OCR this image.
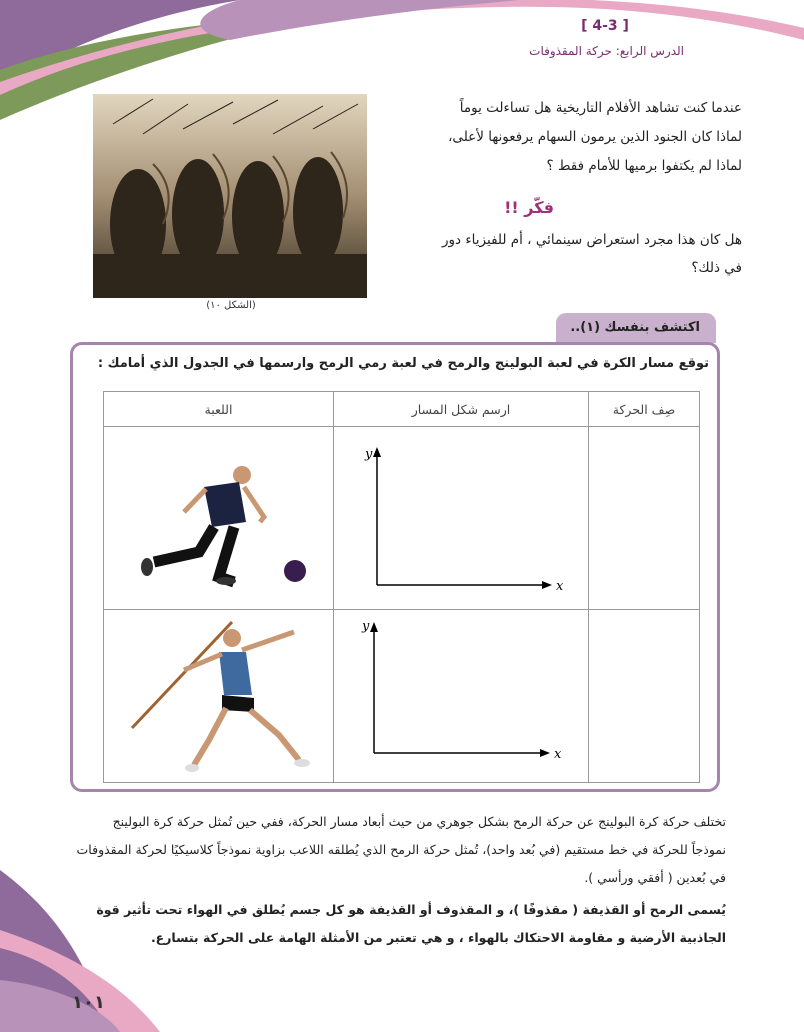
[ 4-3 ]
الدرس الرابع: حركة المقذوفات
(الشكل ١٠)
عندما كنت تشاهد الأفلام التاريخية هل تساءلت يوماً لماذا كان الجنود الذين يرمون السهام يرفعونها لأعلى، لماذا لم يكتفوا برميها للأمام فقط ؟
فكّر !!
هل كان هذا مجرد استعراض سينمائي ، أم للفيزياء دور في ذلك؟
اكتشف بنفسك (١)..
توقع مسار الكرة في لعبة البولينج والرمح في لعبة رمي الرمح وارسمها في الجدول الذي أمامك :
اللعبة	ارسم شكل المسار	صِف الحركة

y
x	

y
x	

تختلف حركة كرة البولينج عن حركة الرمح بشكل جوهري من حيث أبعاد مسار الحركة، ففي حين تُمثل حركة كرة البولينج نموذجاً للحركة في خط مستقيم (في بُعد واحد)، تُمثل حركة الرمح الذي يُطلقه اللاعب بزاوية نموذجاً كلاسيكيًا لحركة المقذوفات في بُعدين ( أفقي ورأسي ).
يُسمى الرمح أو القذيفة ( مقذوفًا )، و المقذوف أو القذيفة هو كل جسم يُطلق في الهواء تحت تأثير قوة الجاذبية الأرضية و مقاومة الاحتكاك بالهواء ، و هي تعتبر من الأمثلة الهامة على الحركة بتسارع.
١٠١
